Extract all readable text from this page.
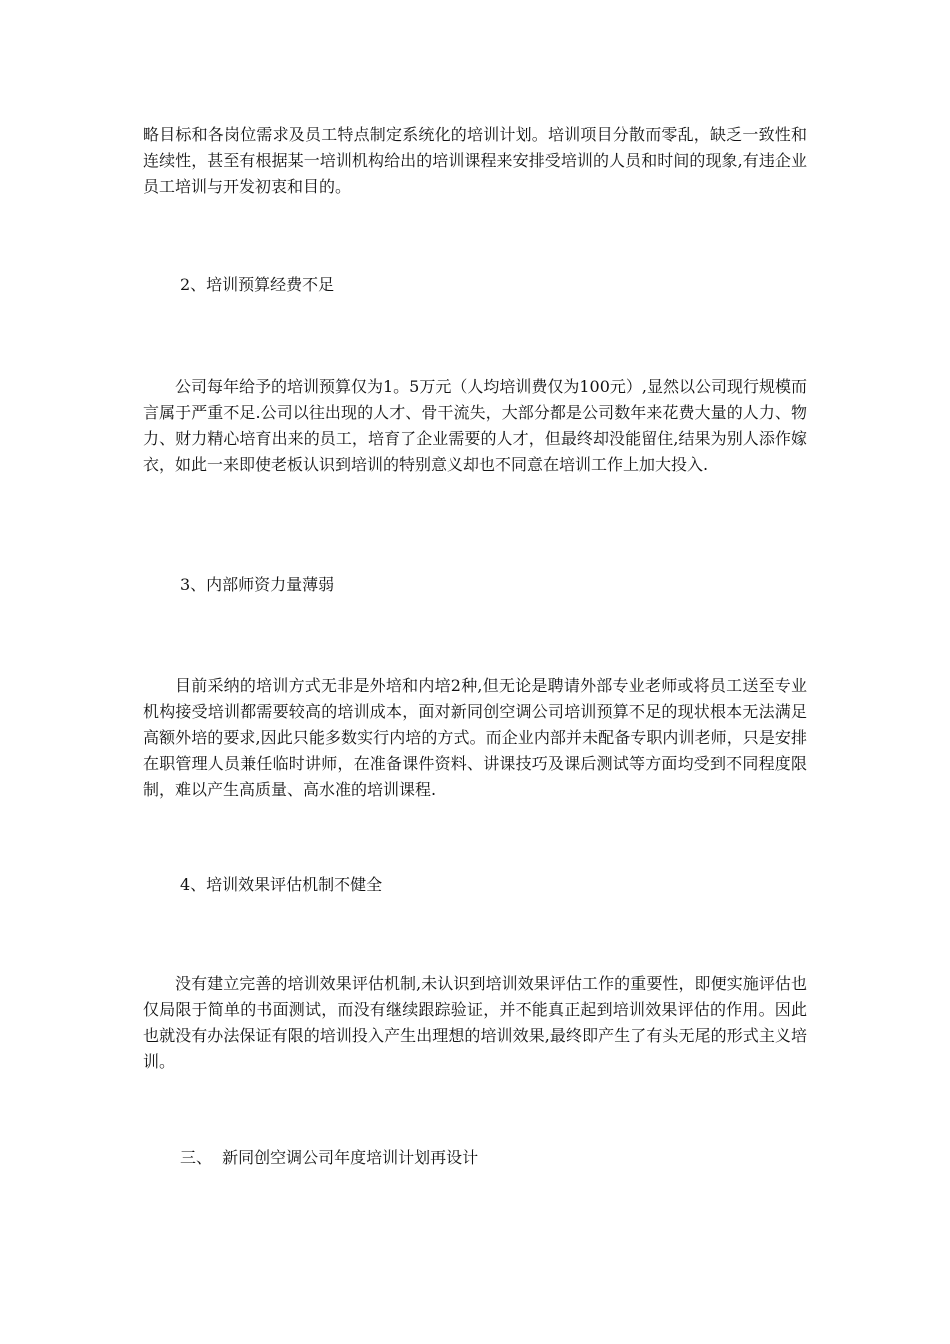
略目标和各岗位需求及员工特点制定系统化的培训计划。培训项目分散而零乱，缺乏一致性和连续性，甚至有根据某一培训机构给出的培训课程来安排受培训的人员和时间的现象,有违企业员工培训与开发初衷和目的。

2、培训预算经费不足

公司每年给予的培训预算仅为1。5万元（人均培训费仅为100元）,显然以公司现行规模而言属于严重不足.公司以往出现的人才、骨干流失，大部分都是公司数年来花费大量的人力、物力、财力精心培育出来的员工，培育了企业需要的人才，但最终却没能留住,结果为别人添作嫁衣，如此一来即使老板认识到培训的特别意义却也不同意在培训工作上加大投入.

3、内部师资力量薄弱

目前采纳的培训方式无非是外培和内培2种,但无论是聘请外部专业老师或将员工送至专业机构接受培训都需要较高的培训成本，面对新同创空调公司培训预算不足的现状根本无法满足高额外培的要求,因此只能多数实行内培的方式。而企业内部并未配备专职内训老师，只是安排在职管理人员兼任临时讲师，在准备课件资料、讲课技巧及课后测试等方面均受到不同程度限制，难以产生高质量、高水准的培训课程.

4、培训效果评估机制不健全

没有建立完善的培训效果评估机制,未认识到培训效果评估工作的重要性，即便实施评估也仅局限于简单的书面测试，而没有继续跟踪验证，并不能真正起到培训效果评估的作用。因此也就没有办法保证有限的培训投入产生出理想的培训效果,最终即产生了有头无尾的形式主义培训。

三、  新同创空调公司年度培训计划再设计
